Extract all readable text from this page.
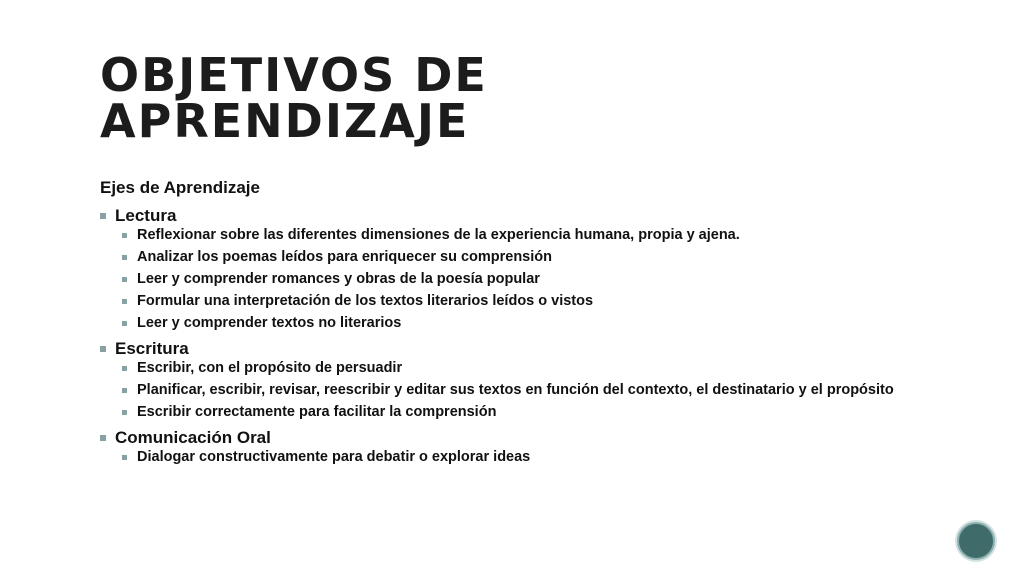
OBJETIVOS DE
APRENDIZAJE
Ejes de Aprendizaje
Lectura
Reflexionar sobre las diferentes dimensiones de la experiencia humana, propia y ajena.
Analizar los poemas leídos para enriquecer su comprensión
Leer y comprender romances y obras de la poesía popular
Formular una interpretación de los textos literarios leídos o vistos
Leer y comprender textos no literarios
Escritura
Escribir, con el propósito de persuadir
Planificar, escribir, revisar, reescribir y editar sus textos en función del contexto, el destinatario y el propósito
Escribir correctamente para facilitar la comprensión
Comunicación Oral
Dialogar constructivamente para debatir o explorar ideas
